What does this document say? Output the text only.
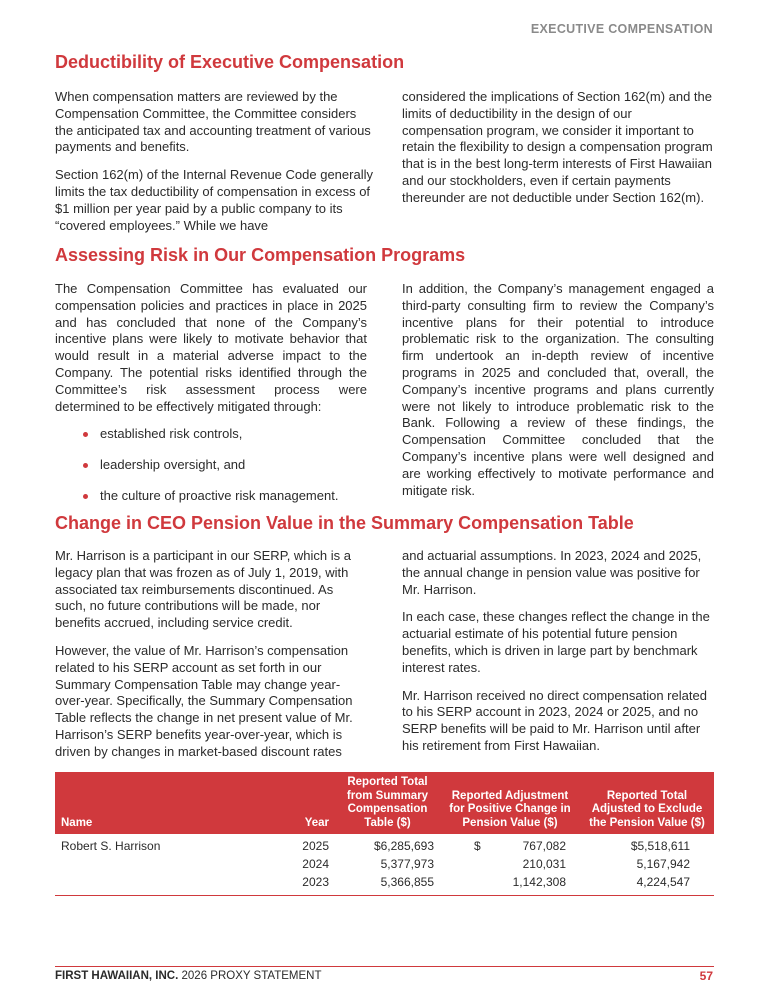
EXECUTIVE COMPENSATION
Deductibility of Executive Compensation

When compensation matters are reviewed by the Compensation Committee, the Committee considers the anticipated tax and accounting treatment of various payments and benefits.

Section 162(m) of the Internal Revenue Code generally limits the tax deductibility of compensation in excess of $1 million per year paid by a public company to its “covered employees.” While we have

considered the implications of Section 162(m) and the limits of deductibility in the design of our compensation program, we consider it important to retain the flexibility to design a compensation program that is in the best long-term interests of First Hawaiian and our stockholders, even if certain payments thereunder are not deductible under Section 162(m).

Assessing Risk in Our Compensation Programs

The Compensation Committee has evaluated our compensation policies and practices in place in 2025 and has concluded that none of the Company’s incentive plans were likely to motivate behavior that would result in a material adverse impact to the Company. The potential risks identified through the Committee’s risk assessment process were determined to be effectively mitigated through:

established risk controls,
leadership oversight, and
the culture of proactive risk management.

In addition, the Company’s management engaged a third-party consulting firm to review the Company’s incentive plans for their potential to introduce problematic risk to the organization. The consulting firm undertook an in-depth review of incentive programs in 2025 and concluded that, overall, the Company’s incentive programs and plans currently were not likely to introduce problematic risk to the Bank. Following a review of these findings, the Compensation Committee concluded that the Company’s incentive plans were well designed and are working effectively to motivate performance and mitigate risk.

Change in CEO Pension Value in the Summary Compensation Table

Mr. Harrison is a participant in our SERP, which is a legacy plan that was frozen as of July 1, 2019, with associated tax reimbursements discontinued. As such, no future contributions will be made, nor benefits accrued, including service credit.

However, the value of Mr. Harrison’s compensation related to his SERP account as set forth in our Summary Compensation Table may change year-over-year. Specifically, the Summary Compensation Table reflects the change in net present value of Mr. Harrison’s SERP benefits year-over-year, which is driven by changes in market-based discount rates

and actuarial assumptions. In 2023, 2024 and 2025, the annual change in pension value was positive for Mr. Harrison.

In each case, these changes reflect the change in the actuarial estimate of his potential future pension benefits, which is driven in large part by benchmark interest rates.

Mr. Harrison received no direct compensation related to his SERP account in 2023, 2024 or 2025, and no SERP benefits will be paid to Mr. Harrison until after his retirement from First Hawaiian.

Name	Year	Reported Total from Summary Compensation Table ($)	Reported Adjustment for Positive Change in Pension Value ($)	Reported Total Adjusted to Exclude the Pension Value ($)
Robert S. Harrison	2025	$6,285,693	$ 767,082	$5,518,611
	2024	5,377,973	210,031	5,167,942
	2023	5,366,855	1,142,308	4,224,547
FIRST HAWAIIAN, INC. 2026 PROXY STATEMENT	57
